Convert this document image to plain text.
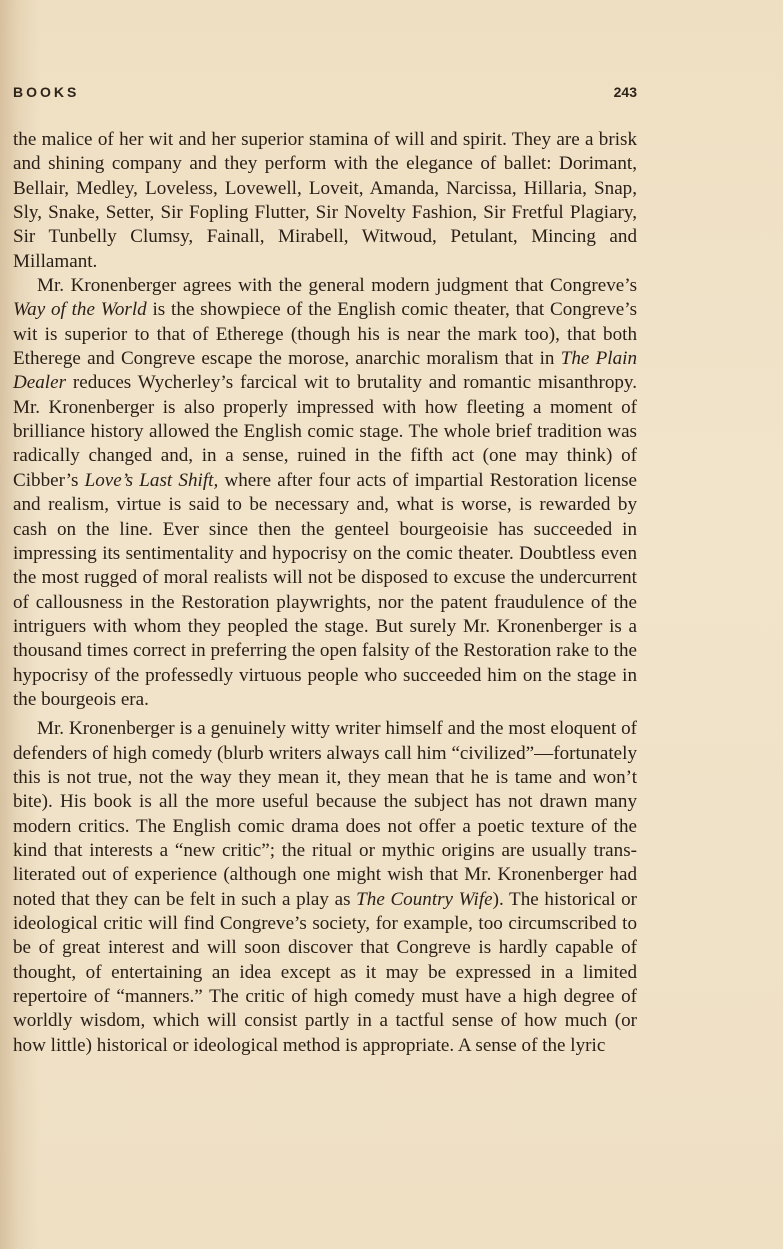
BOOKS	243

the malice of her wit and her superior stamina of will and spirit. They are a brisk and shining company and they perform with the elegance of ballet: Dorimant, Bellair, Medley, Loveless, Lovewell, Loveit, Amanda, Narcissa, Hillaria, Snap, Sly, Snake, Setter, Sir Fopling Flutter, Sir Novelty Fashion, Sir Fretful Plagiary, Sir Tunbelly Clumsy, Fainall, Mirabell, Witwoud, Petulant, Mincing and Millamant.

Mr. Kronenberger agrees with the general modern judgment that Congreve’s Way of the World is the showpiece of the English comic theater, that Congreve’s wit is superior to that of Etherege (though his is near the mark too), that both Etherege and Congreve escape the morose, anarchic moralism that in The Plain Dealer reduces Wycherley’s farcical wit to brutality and romantic misanthropy. Mr. Kronenberger is also properly impressed with how fleeting a moment of brilliance history allowed the English comic stage. The whole brief tradition was radically changed and, in a sense, ruined in the fifth act (one may think) of Cibber’s Love’s Last Shift, where after four acts of impartial Restoration license and realism, virtue is said to be necessary and, what is worse, is rewarded by cash on the line. Ever since then the genteel bourgeoisie has succeeded in impressing its sentimentality and hypocrisy on the comic theater. Doubtless even the most rugged of moral realists will not be disposed to excuse the undercurrent of callousness in the Restoration playwrights, nor the patent fraudulence of the intriguers with whom they peopled the stage. But surely Mr. Kronenberger is a thousand times correct in preferring the open falsity of the Restoration rake to the hypocrisy of the professedly virtuous people who succeeded him on the stage in the bourgeois era.

Mr. Kronenberger is a genuinely witty writer himself and the most eloquent of defenders of high comedy (blurb writers always call him “civilized”—fortunately this is not true, not the way they mean it, they mean that he is tame and won’t bite). His book is all the more useful because the subject has not drawn many modern critics. The English comic drama does not offer a poetic texture of the kind that interests a “new critic”; the ritual or mythic origins are usually transliterated out of experience (although one might wish that Mr. Kronenberger had noted that they can be felt in such a play as The Country Wife). The historical or ideological critic will find Congreve’s society, for example, too circumscribed to be of great interest and will soon discover that Congreve is hardly capable of thought, of entertaining an idea except as it may be expressed in a limited repertoire of “manners.” The critic of high comedy must have a high degree of worldly wisdom, which will consist partly in a tactful sense of how much (or how little) historical or ideological method is appropriate. A sense of the lyric
